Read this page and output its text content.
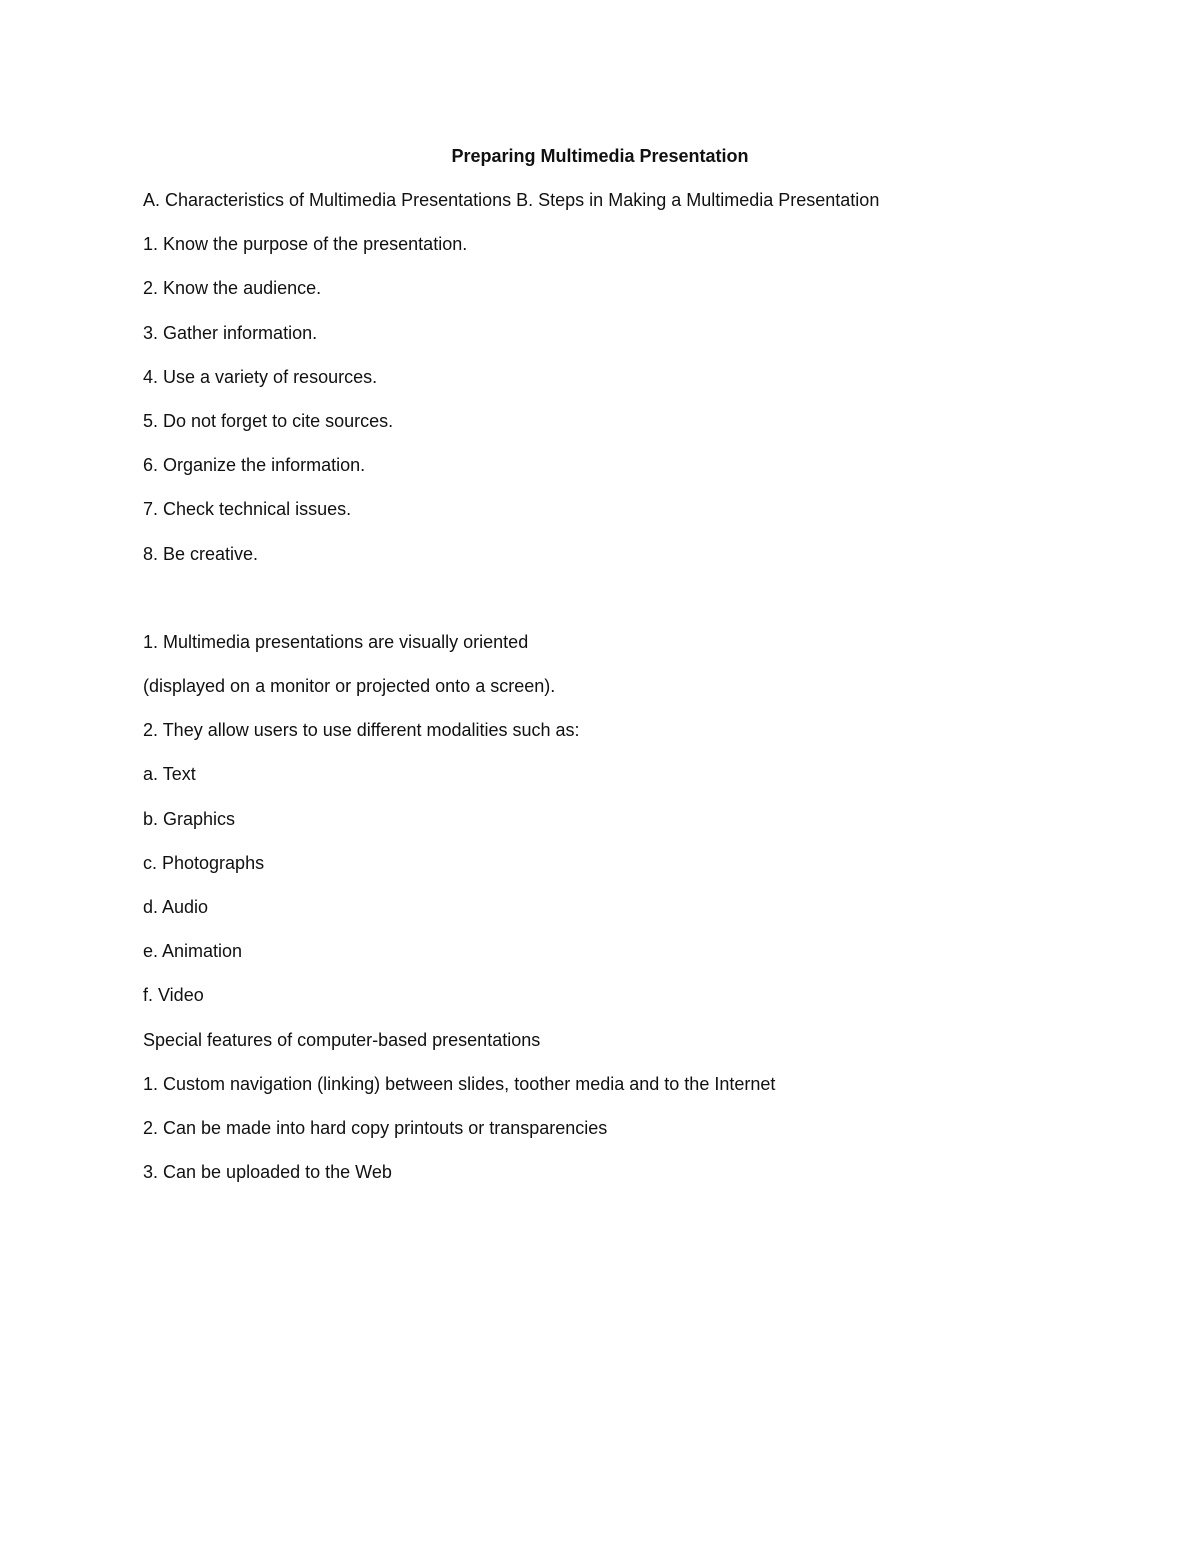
Preparing Multimedia Presentation

A. Characteristics of Multimedia Presentations B. Steps in Making a Multimedia Presentation

1. Know the purpose of the presentation.

2. Know the audience.

3. Gather information.

4. Use a variety of resources.

5. Do not forget to cite sources.

6. Organize the information.

7. Check technical issues.

8. Be creative.

1. Multimedia presentations are visually oriented

(displayed on a monitor or projected onto a screen).

2. They allow users to use different modalities such as:

a. Text

b. Graphics

c. Photographs

d. Audio

e. Animation

f. Video

Special features of computer-based presentations

1. Custom navigation (linking) between slides, toother media and to the Internet

2. Can be made into hard copy printouts or transparencies

3. Can be uploaded to the Web
